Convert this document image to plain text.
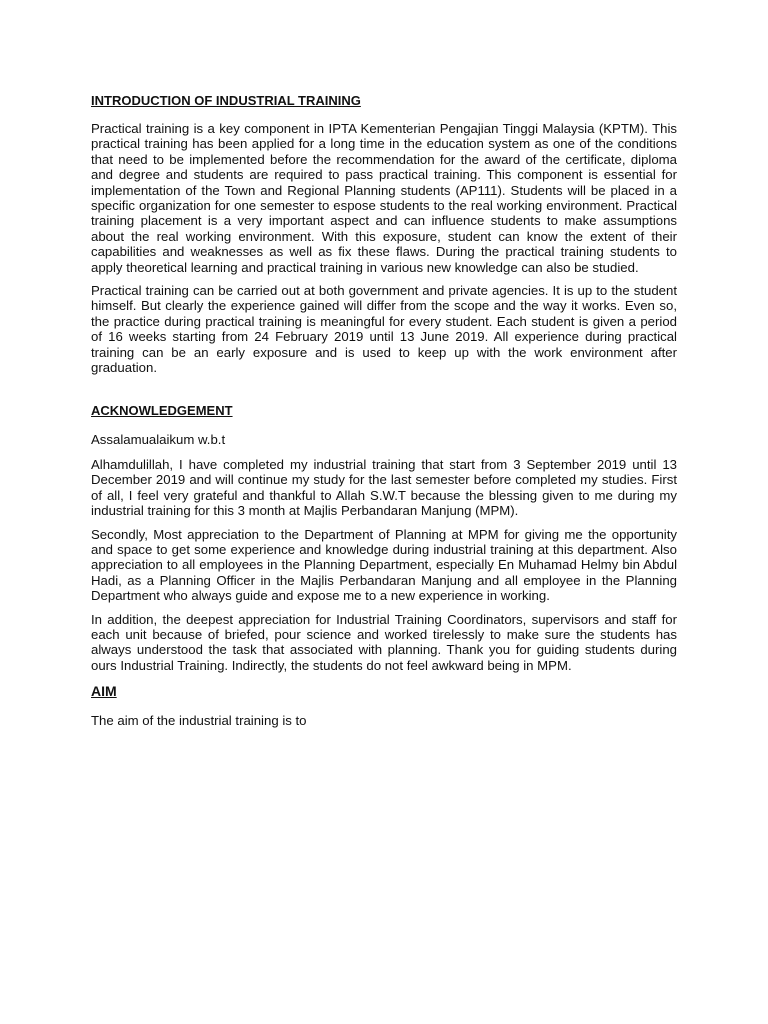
INTRODUCTION OF INDUSTRIAL TRAINING

Practical training is a key component in IPTA Kementerian Pengajian Tinggi Malaysia (KPTM). This practical training has been applied for a long time in the education system as one of the conditions that need to be implemented before the recommendation for the award of the certificate, diploma and degree and students are required to pass practical training. This component is essential for implementation of the Town and Regional Planning students (AP111). Students will be placed in a specific organization for one semester to espose students to the real working environment. Practical training placement is a very important aspect and can influence students to make assumptions about the real working environment. With this exposure, student can know the extent of their capabilities and weaknesses as well as fix these flaws. During the practical training students to apply theoretical learning and practical training in various new knowledge can also be studied.

Practical training can be carried out at both government and private agencies. It is up to the student himself. But clearly the experience gained will differ from the scope and the way it works. Even so, the practice during practical training is meaningful for every student. Each student is given a period of 16 weeks starting from 24 February 2019 until 13 June 2019. All experience during practical training can be an early exposure and is used to keep up with the work environment after graduation.

ACKNOWLEDGEMENT

Assalamualaikum w.b.t

Alhamdulillah, I have completed my industrial training that start from 3 September 2019 until 13 December 2019 and will continue my study for the last semester before completed my studies. First of all, I feel very grateful and thankful to Allah S.W.T because the blessing given to me during my industrial training for this 3 month at Majlis Perbandaran Manjung (MPM).

Secondly, Most appreciation to the Department of Planning at MPM for giving me the opportunity and space to get some experience and knowledge during industrial training at this department. Also appreciation to all employees in the Planning Department, especially En Muhamad Helmy bin Abdul Hadi, as a Planning Officer in the Majlis Perbandaran Manjung and all employee in the Planning Department who always guide and expose me to a new experience in working.

In addition, the deepest appreciation for Industrial Training Coordinators, supervisors and staff for each unit because of briefed, pour science and worked tirelessly to make sure the students has always understood the task that associated with planning. Thank you for guiding students during ours Industrial Training. Indirectly, the students do not feel awkward being in MPM.

AIM

The aim of the industrial training is to
